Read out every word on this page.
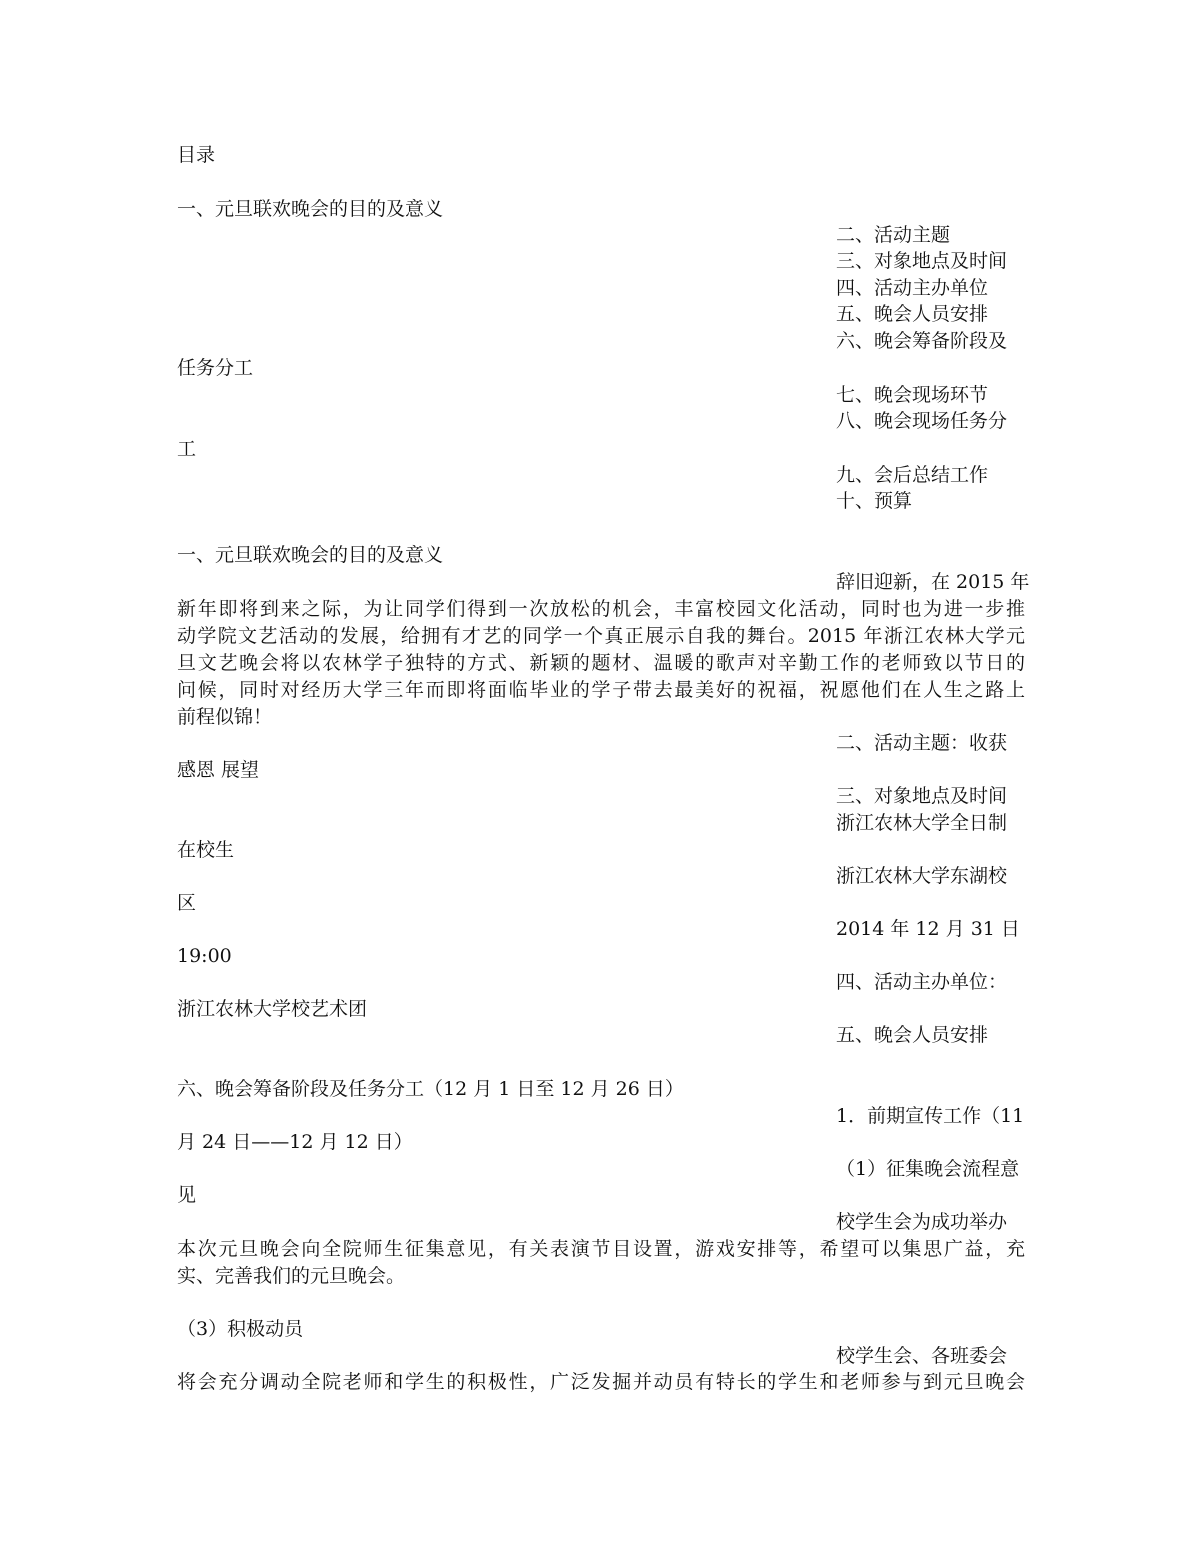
目录
一、元旦联欢晚会的目的及意义
二、活动主题
三、对象地点及时间
四、活动主办单位
五、晚会人员安排
六、晚会筹备阶段及
任务分工
七、晚会现场环节
八、晚会现场任务分
工
九、会后总结工作
十、预算
一、元旦联欢晚会的目的及意义
辞旧迎新，在 2015 年
新年即将到来之际，为让同学们得到一次放松的机会，丰富校园文化活动，同时也为进一步推
动学院文艺活动的发展，给拥有才艺的同学一个真正展示自我的舞台。2015 年浙江农林大学元
旦文艺晚会将以农林学子独特的方式、新颖的题材、温暖的歌声对辛勤工作的老师致以节日的
问候，同时对经历大学三年而即将面临毕业的学子带去最美好的祝福，祝愿他们在人生之路上
前程似锦！
二、活动主题：收获
感恩 展望
三、对象地点及时间
浙江农林大学全日制
在校生
浙江农林大学东湖校
区
2014 年 12 月 31 日
19:00
四、活动主办单位：
浙江农林大学校艺术团
五、晚会人员安排
六、晚会筹备阶段及任务分工（12 月 1 日至 12 月 26 日）
1．前期宣传工作（11
月 24 日——12 月 12 日）
（1）征集晚会流程意
见
校学生会为成功举办
本次元旦晚会向全院师生征集意见，有关表演节目设置，游戏安排等，希望可以集思广益，充
实、完善我们的元旦晚会。
（3）积极动员
校学生会、各班委会
将会充分调动全院老师和学生的积极性，广泛发掘并动员有特长的学生和老师参与到元旦晚会
